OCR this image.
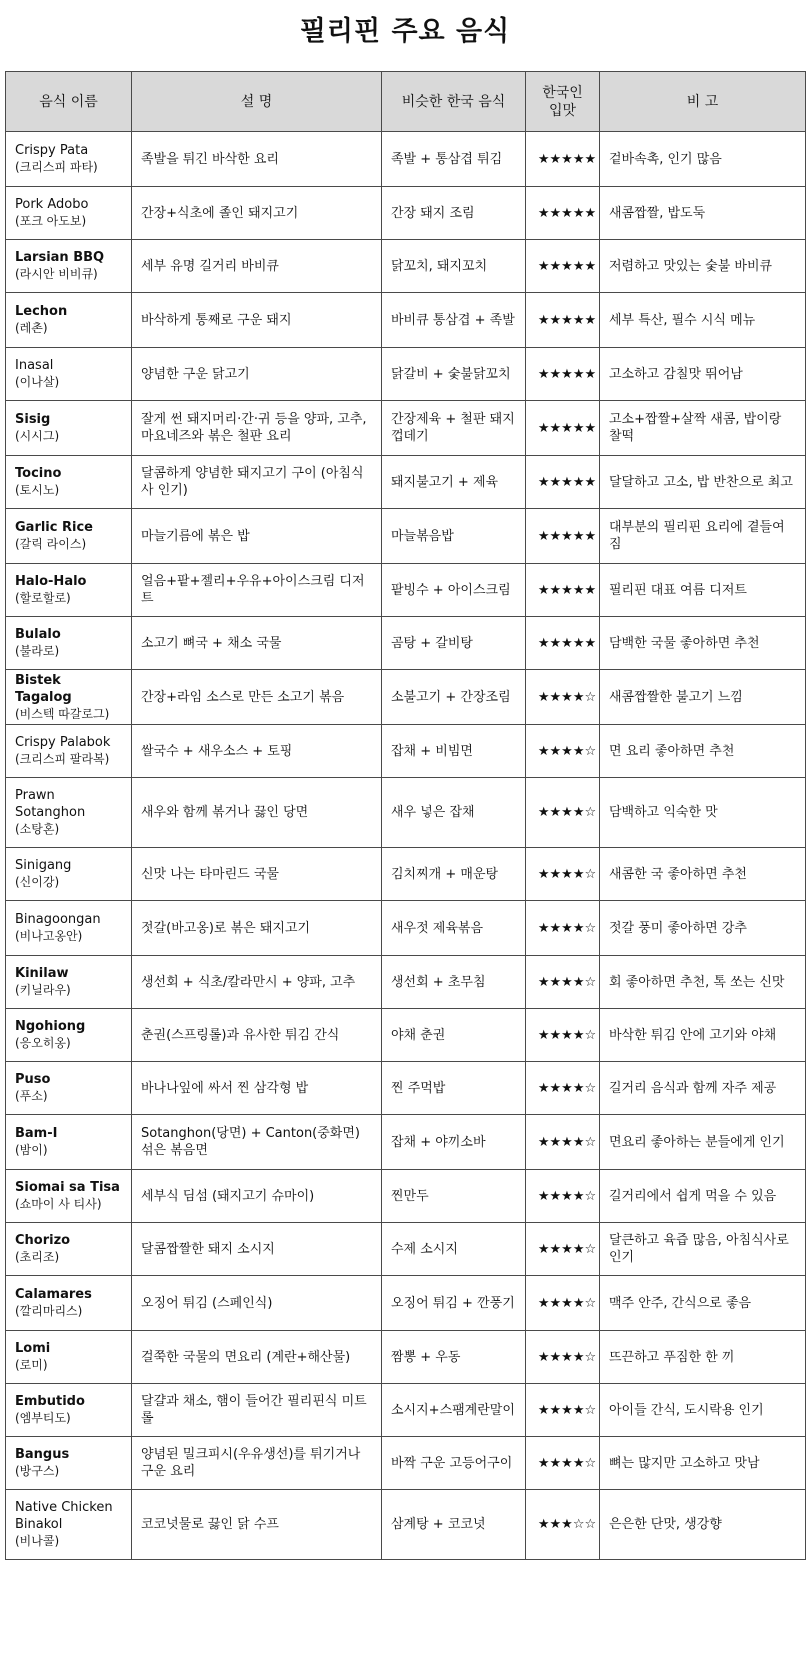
필리핀 주요 음식
음식 이름	설 명	비슷한 한국 음식	한국인 입맛	비 고

Crispy Pata
(크리스피 파타)	족발을 튀긴 바삭한 요리	족발 + 통삼겹 튀김	★★★★★	겉바속촉, 인기 많음

Pork Adobo
(포크 아도보)	간장+식초에 졸인 돼지고기	간장 돼지 조림	★★★★★	새콤짭짤, 밥도둑

Larsian BBQ
(라시안 비비큐)	세부 유명 길거리 바비큐	닭꼬치, 돼지꼬치	★★★★★	저렴하고 맛있는 숯불 바비큐

Lechon
(레촌)	바삭하게 통째로 구운 돼지	바비큐 통삼겹 + 족발	★★★★★	세부 특산, 필수 시식 메뉴

Inasal
(이나살)	양념한 구운 닭고기	닭갈비 + 숯불닭꼬치	★★★★★	고소하고 감칠맛 뛰어남

Sisig
(시시그)	잘게 썬 돼지머리·간·귀 등을 양파, 고추, 마요네즈와 볶은 철판 요리	간장제육 + 철판 돼지껍데기	★★★★★	고소+짭짤+살짝 새콤, 밥이랑 찰떡

Tocino
(토시노)	달콤하게 양념한 돼지고기 구이 (아침식사 인기)	돼지불고기 + 제육	★★★★★	달달하고 고소, 밥 반찬으로 최고

Garlic Rice
(갈릭 라이스)	마늘기름에 볶은 밥	마늘볶음밥	★★★★★	대부분의 필리핀 요리에 곁들여짐

Halo-Halo
(할로할로)	얼음+팥+젤리+우유+아이스크림 디저트	팥빙수 + 아이스크림	★★★★★	필리핀 대표 여름 디저트

Bulalo
(불라로)	소고기 뼈국 + 채소 국물	곰탕 + 갈비탕	★★★★★	담백한 국물 좋아하면 추천

Bistek Tagalog
(비스텍 따갈로그)	간장+라임 소스로 만든 소고기 볶음	소불고기 + 간장조림	★★★★☆	새콤짭짤한 불고기 느낌

Crispy Palabok
(크리스피 팔라복)	쌀국수 + 새우소스 + 토핑	잡채 + 비빔면	★★★★☆	면 요리 좋아하면 추천

Prawn Sotanghon
(소탕혼)	새우와 함께 볶거나 끓인 당면	새우 넣은 잡채	★★★★☆	담백하고 익숙한 맛

Sinigang
(신이강)	신맛 나는 타마린드 국물	김치찌개 + 매운탕	★★★★☆	새콤한 국 좋아하면 추천

Binagoongan
(비나고옹안)	젓갈(바고옹)로 볶은 돼지고기	새우젓 제육볶음	★★★★☆	젓갈 풍미 좋아하면 강추

Kinilaw
(키닐라우)	생선회 + 식초/칼라만시 + 양파, 고추	생선회 + 초무침	★★★★☆	회 좋아하면 추천, 톡 쏘는 신맛

Ngohiong
(응오히옹)	춘권(스프링롤)과 유사한 튀김 간식	야채 춘권	★★★★☆	바삭한 튀김 안에 고기와 야채

Puso
(푸소)	바나나잎에 싸서 찐 삼각형 밥	찐 주먹밥	★★★★☆	길거리 음식과 함께 자주 제공

Bam-I
(밤이)	Sotanghon(당면) + Canton(중화면) 섞은 볶음면	잡채 + 야끼소바	★★★★☆	면요리 좋아하는 분들에게 인기

Siomai sa Tisa
(쇼마이 사 티사)	세부식 딤섬 (돼지고기 슈마이)	찐만두	★★★★☆	길거리에서 쉽게 먹을 수 있음

Chorizo
(초리조)	달콤짭짤한 돼지 소시지	수제 소시지	★★★★☆	달큰하고 육즙 많음, 아침식사로 인기

Calamares
(깔리마리스)	오징어 튀김 (스페인식)	오징어 튀김 + 깐풍기	★★★★☆	맥주 안주, 간식으로 좋음

Lomi
(로미)	걸쭉한 국물의 면요리 (계란+해산물)	짬뽕 + 우동	★★★★☆	뜨끈하고 푸짐한 한 끼

Embutido
(엠부티도)	달걀과 채소, 햄이 들어간 필리핀식 미트롤	소시지+스팸계란말이	★★★★☆	아이들 간식, 도시락용 인기

Bangus
(방구스)	양념된 밀크피시(우유생선)를 튀기거나 구운 요리	바짝 구운 고등어구이	★★★★☆	뼈는 많지만 고소하고 맛남

Native Chicken Binakol
(비나콜)	코코넛물로 끓인 닭 수프	삼계탕 + 코코넛	★★★☆☆	은은한 단맛, 생강향
